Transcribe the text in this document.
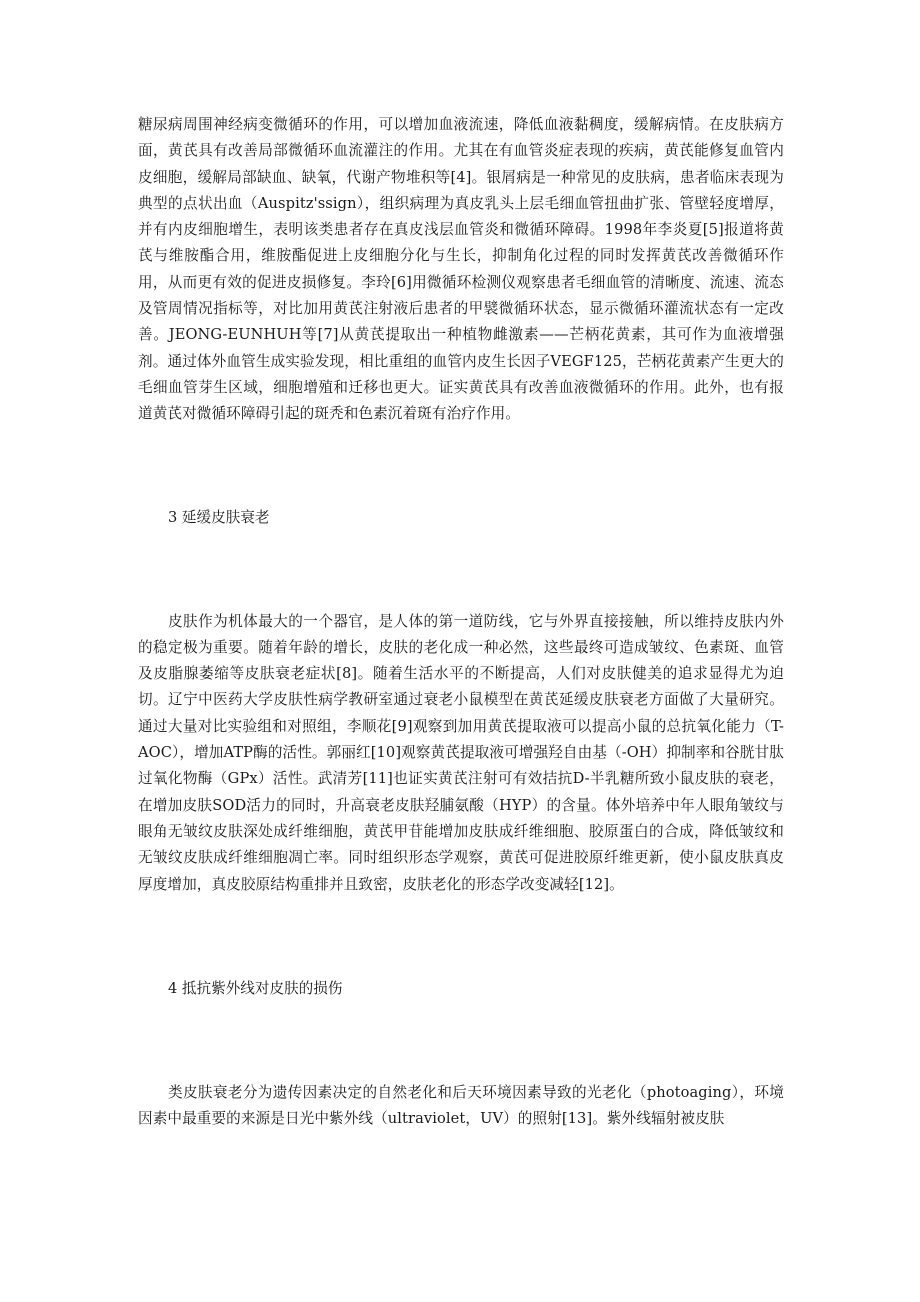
糖尿病周围神经病变微循环的作用，可以增加血液流速，降低血液黏稠度，缓解病情。在皮肤病方面，黄芪具有改善局部微循环血流灌注的作用。尤其在有血管炎症表现的疾病，黄芪能修复血管内皮细胞，缓解局部缺血、缺氧，代谢产物堆积等[4]。银屑病是一种常见的皮肤病，患者临床表现为典型的点状出血（Auspitz'ssign），组织病理为真皮乳头上层毛细血管扭曲扩张、管壁轻度增厚，并有内皮细胞增生，表明该类患者存在真皮浅层血管炎和微循环障碍。1998年李炎夏[5]报道将黄芪与维胺酯合用，维胺酯促进上皮细胞分化与生长，抑制角化过程的同时发挥黄芪改善微循环作用，从而更有效的促进皮损修复。李玲[6]用微循环检测仪观察患者毛细血管的清晰度、流速、流态及管周情况指标等，对比加用黄芪注射液后患者的甲襞微循环状态，显示微循环灌流状态有一定改善。JEONG-EUNHUH等[7]从黄芪提取出一种植物雌激素——芒柄花黄素，其可作为血液增强剂。通过体外血管生成实验发现，相比重组的血管内皮生长因子VEGF125，芒柄花黄素产生更大的毛细血管芽生区域，细胞增殖和迁移也更大。证实黄芪具有改善血液微循环的作用。此外，也有报道黄芪对微循环障碍引起的斑秃和色素沉着斑有治疗作用。

3 延缓皮肤衰老

皮肤作为机体最大的一个器官，是人体的第一道防线，它与外界直接接触，所以维持皮肤内外的稳定极为重要。随着年龄的增长，皮肤的老化成一种必然，这些最终可造成皱纹、色素斑、血管及皮脂腺萎缩等皮肤衰老症状[8]。随着生活水平的不断提高，人们对皮肤健美的追求显得尤为迫切。辽宁中医药大学皮肤性病学教研室通过衰老小鼠模型在黄芪延缓皮肤衰老方面做了大量研究。通过大量对比实验组和对照组，李顺花[9]观察到加用黄芪提取液可以提高小鼠的总抗氧化能力（T-AOC），增加ATP酶的活性。郭丽红[10]观察黄芪提取液可增强羟自由基（-OH）抑制率和谷胱甘肽过氧化物酶（GPx）活性。武清芳[11]也证实黄芪注射可有效拮抗D-半乳糖所致小鼠皮肤的衰老，在增加皮肤SOD活力的同时，升高衰老皮肤羟脯氨酸（HYP）的含量。体外培养中年人眼角皱纹与眼角无皱纹皮肤深处成纤维细胞，黄芪甲苷能增加皮肤成纤维细胞、胶原蛋白的合成，降低皱纹和无皱纹皮肤成纤维细胞凋亡率。同时组织形态学观察，黄芪可促进胶原纤维更新，使小鼠皮肤真皮厚度增加，真皮胶原结构重排并且致密，皮肤老化的形态学改变减轻[12]。

4 抵抗紫外线对皮肤的损伤

类皮肤衰老分为遗传因素决定的自然老化和后天环境因素导致的光老化（photoaging），环境因素中最重要的来源是日光中紫外线（ultraviolet，UV）的照射[13]。紫外线辐射被皮肤
